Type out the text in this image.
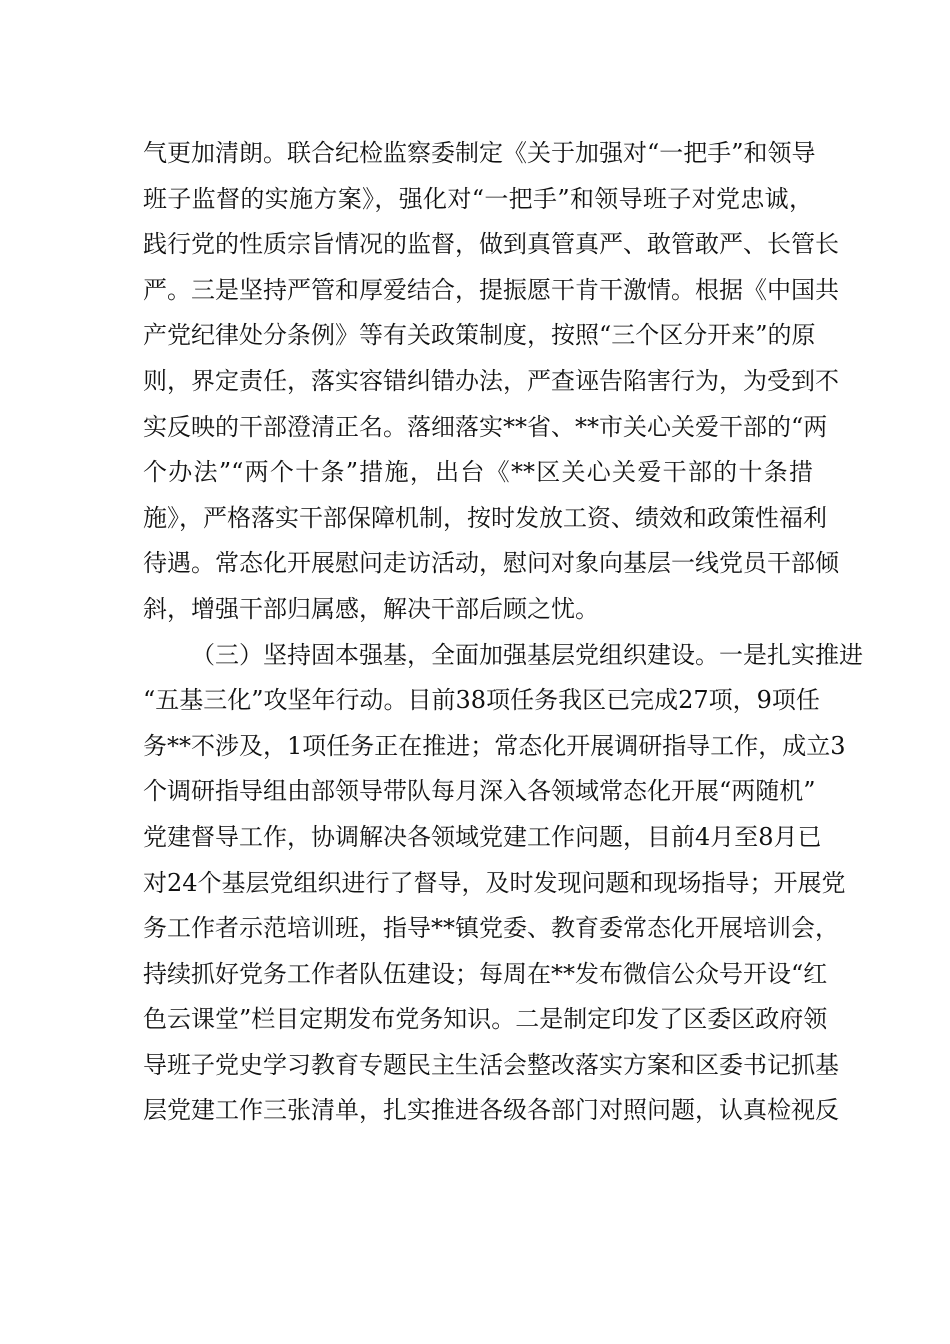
气更加清朗。联合纪检监察委制定《关于加强对“一把手”和领导
班子监督的实施方案》，强化对“一把手”和领导班子对党忠诚，
践行党的性质宗旨情况的监督，做到真管真严、敢管敢严、长管长
严。三是坚持严管和厚爱结合，提振愿干肯干激情。根据《中国共
产党纪律处分条例》等有关政策制度，按照“三个区分开来”的原
则，界定责任，落实容错纠错办法，严查诬告陷害行为，为受到不
实反映的干部澄清正名。落细落实**省、**市关心关爱干部的“两
个办法”“两个十条”措施，出台《**区关心关爱干部的十条措
施》，严格落实干部保障机制，按时发放工资、绩效和政策性福利
待遇。常态化开展慰问走访活动，慰问对象向基层一线党员干部倾
斜，增强干部归属感，解决干部后顾之忧。
（三）坚持固本强基，全面加强基层党组织建设。一是扎实推进
“五基三化”攻坚年行动。目前38项任务我区已完成27项，9项任
务**不涉及，1项任务正在推进；常态化开展调研指导工作，成立3
个调研指导组由部领导带队每月深入各领域常态化开展“两随机”
党建督导工作，协调解决各领域党建工作问题，目前4月至8月已
对24个基层党组织进行了督导，及时发现问题和现场指导；开展党
务工作者示范培训班，指导**镇党委、教育委常态化开展培训会，
持续抓好党务工作者队伍建设；每周在**发布微信公众号开设“红
色云课堂”栏目定期发布党务知识。二是制定印发了区委区政府领
导班子党史学习教育专题民主生活会整改落实方案和区委书记抓基
层党建工作三张清单，扎实推进各级各部门对照问题，认真检视反
